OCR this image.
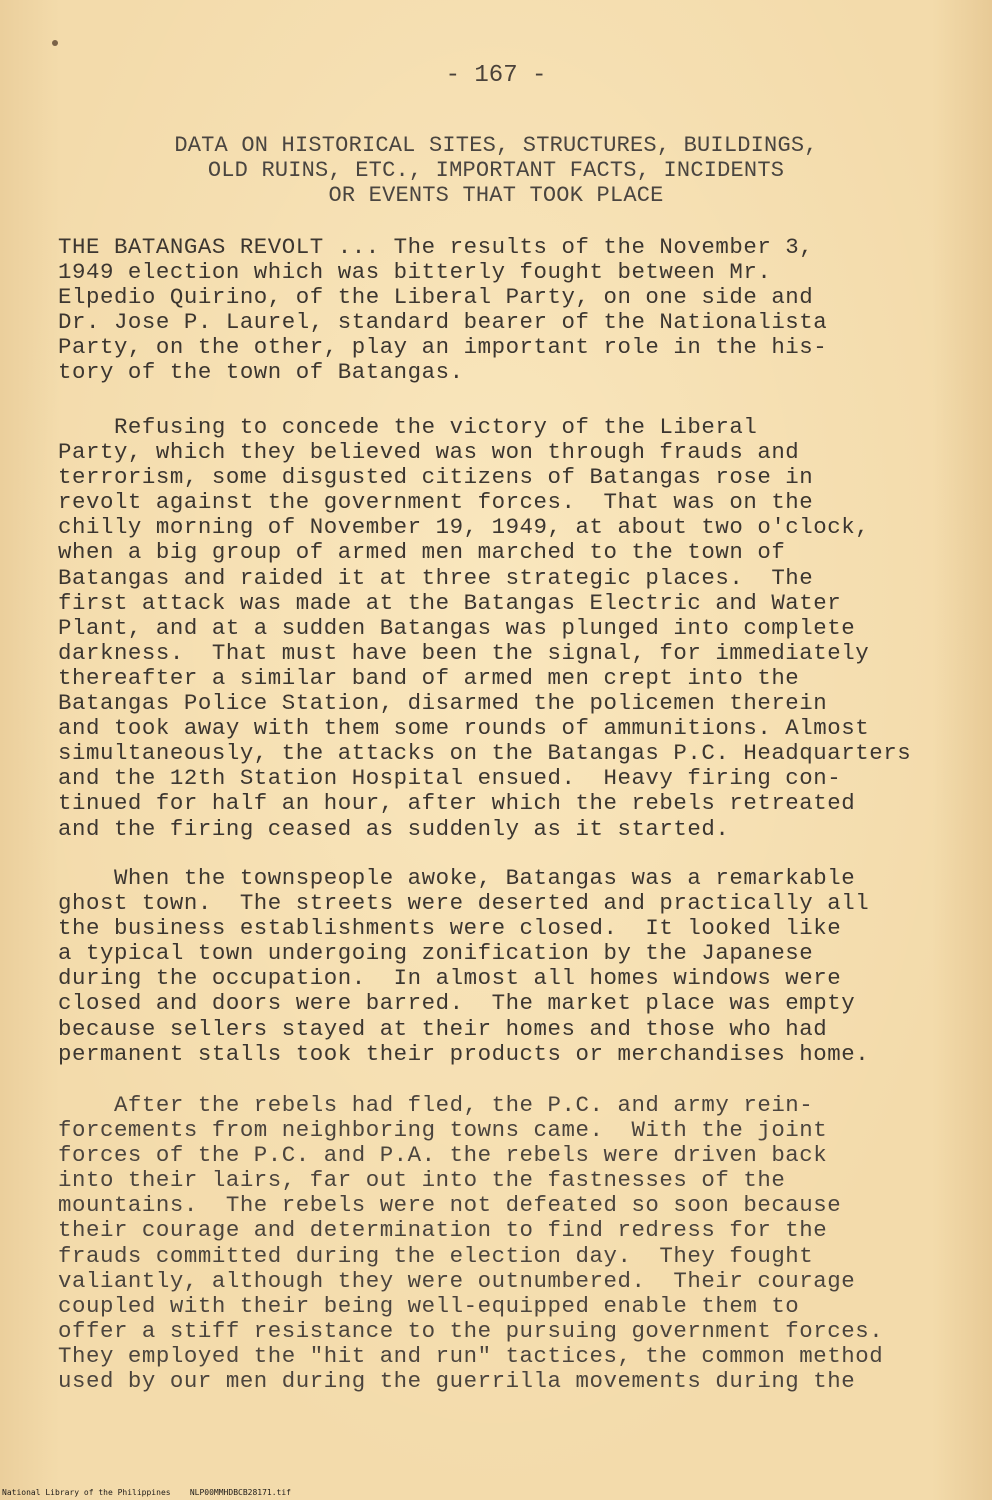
- 167 -
DATA ON HISTORICAL SITES, STRUCTURES, BUILDINGS,
OLD RUINS, ETC., IMPORTANT FACTS, INCIDENTS
OR EVENTS THAT TOOK PLACE
THE BATANGAS REVOLT ... The results of the November 3,
1949 election which was bitterly fought between Mr.
Elpedio Quirino, of the Liberal Party, on one side and
Dr. Jose P. Laurel, standard bearer of the Nationalista
Party, on the other, play an important role in the his-
tory of the town of Batangas.
Refusing to concede the victory of the Liberal
Party, which they believed was won through frauds and
terrorism, some disgusted citizens of Batangas rose in
revolt against the government forces.  That was on the
chilly morning of November 19, 1949, at about two o'clock,
when a big group of armed men marched to the town of
Batangas and raided it at three strategic places.  The
first attack was made at the Batangas Electric and Water
Plant, and at a sudden Batangas was plunged into complete
darkness.  That must have been the signal, for immediately
thereafter a similar band of armed men crept into the
Batangas Police Station, disarmed the policemen therein
and took away with them some rounds of ammunitions. Almost
simultaneously, the attacks on the Batangas P.C. Headquarters
and the 12th Station Hospital ensued.  Heavy firing con-
tinued for half an hour, after which the rebels retreated
and the firing ceased as suddenly as it started.
When the townspeople awoke, Batangas was a remarkable
ghost town.  The streets were deserted and practically all
the business establishments were closed.  It looked like
a typical town undergoing zonification by the Japanese
during the occupation.  In almost all homes windows were
closed and doors were barred.  The market place was empty
because sellers stayed at their homes and those who had
permanent stalls took their products or merchandises home.
After the rebels had fled, the P.C. and army rein-
forcements from neighboring towns came.  With the joint
forces of the P.C. and P.A. the rebels were driven back
into their lairs, far out into the fastnesses of the
mountains.  The rebels were not defeated so soon because
their courage and determination to find redress for the
frauds committed during the election day.  They fought
valiantly, although they were outnumbered.  Their courage
coupled with their being well-equipped enable them to
offer a stiff resistance to the pursuing government forces.
They employed the "hit and run" tactices, the common method
used by our men during the guerrilla movements during the
National Library of the Philippines    NLP00MMHDBCB28171.tif
